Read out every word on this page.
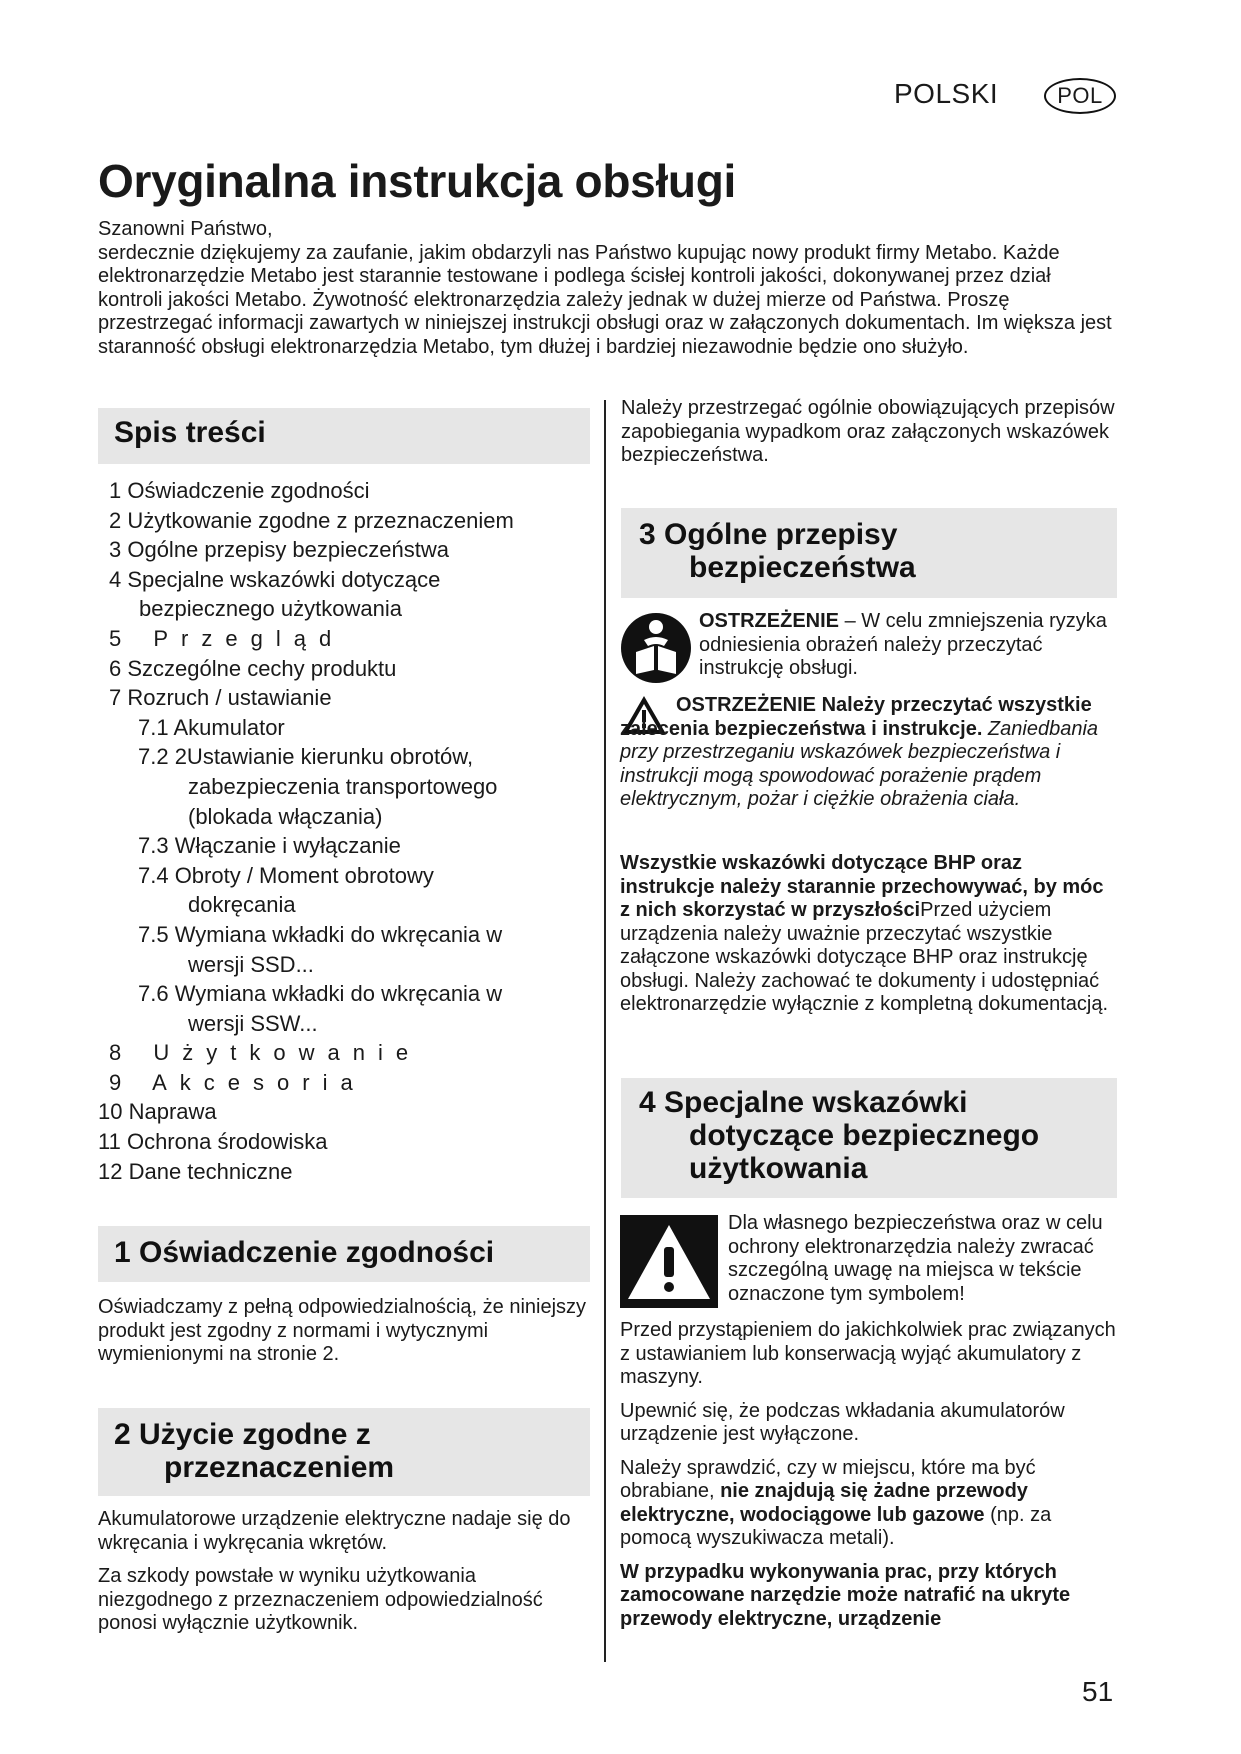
POLSKI	POL
Oryginalna instrukcja obsługi

Szanowni Państwo,

serdecznie dziękujemy za zaufanie, jakim obdarzyli nas Państwo kupując nowy produkt firmy Metabo. Każde elektronarzędzie Metabo jest starannie testowane i podlega ścisłej kontroli jakości, dokonywanej przez dział kontroli jakości Metabo. Żywotność elektronarzędzia zależy jednak w dużej mierze od Państwa. Proszę przestrzegać informacji zawartych w niniejszej instrukcji obsługi oraz w załączonych dokumentach. Im większa jest staranność obsługi elektronarzędzia Metabo, tym dłużej i bardziej niezawodnie będzie ono służyło.

Spis treści
1 Oświadczenie zgodności
2 Użytkowanie zgodne z przeznaczeniem
3 Ogólne przepisy bezpieczeństwa
4 Specjalne wskazówki dotyczące
bezpiecznego użytkowania
5 Przegląd
6 Szczególne cechy produktu
7 Rozruch / ustawianie
7.1 Akumulator
7.2 2Ustawianie kierunku obrotów,
zabezpieczenia transportowego
(blokada włączania)
7.3 Włączanie i wyłączanie
7.4 Obroty / Moment obrotowy
dokręcania
7.5 Wymiana wkładki do wkręcania w
wersji SSD...
7.6 Wymiana wkładki do wkręcania w
wersji SSW...
8 Użytkowanie
9 Akcesoria
10 Naprawa
11 Ochrona środowiska
12 Dane techniczne
1 Oświadczenie zgodności

Oświadczamy z pełną odpowiedzialnością, że niniejszy produkt jest zgodny z normami i wytycznymi wymienionymi na stronie 2.

2 Użycie zgodne z
przeznaczeniem

Akumulatorowe urządzenie elektryczne nadaje się do wkręcania i wykręcania wkrętów.

Za szkody powstałe w wyniku użytkowania niezgodnego z przeznaczeniem odpowiedzialność ponosi wyłącznie użytkownik.

Należy przestrzegać ogólnie obowiązujących przepisów zapobiegania wypadkom oraz załączonych wskazówek bezpieczeństwa.

3 Ogólne przepisy
bezpieczeństwa
OSTRZEŻENIE – W celu zmniejszenia ryzyka odniesienia obrażeń należy przeczytać instrukcję obsługi.
OSTRZEŻENIE Należy przeczytać wszystkie zalecenia bezpieczeństwa i instrukcje. Zaniedbania przy przestrzeganiu wskazówek bezpieczeństwa i instrukcji mogą spowodować porażenie prądem elektrycznym, pożar i ciężkie obrażenia ciała.
Wszystkie wskazówki dotyczące BHP oraz instrukcje należy starannie przechowywać, by móc z nich skorzystać w przyszłościPrzed użyciem urządzenia należy uważnie przeczytać wszystkie załączone wskazówki dotyczące BHP oraz instrukcję obsługi. Należy zachować te dokumenty i udostępniać elektronarzędzie wyłącznie z kompletną dokumentacją.
4 Specjalne wskazówki
dotyczące bezpiecznego
użytkowania
Dla własnego bezpieczeństwa oraz w celu ochrony elektronarzędzia należy zwracać szczególną uwagę na miejsca w tekście oznaczone tym symbolem!

Przed przystąpieniem do jakichkolwiek prac związanych z ustawianiem lub konserwacją wyjąć akumulatory z maszyny.

Upewnić się, że podczas wkładania akumulatorów urządzenie jest wyłączone.

Należy sprawdzić, czy w miejscu, które ma być obrabiane, nie znajdują się żadne przewody elektryczne, wodociągowe lub gazowe (np. za pomocą wyszukiwacza metali).

W przypadku wykonywania prac, przy których zamocowane narzędzie może natrafić na ukryte przewody elektryczne, urządzenie

51
